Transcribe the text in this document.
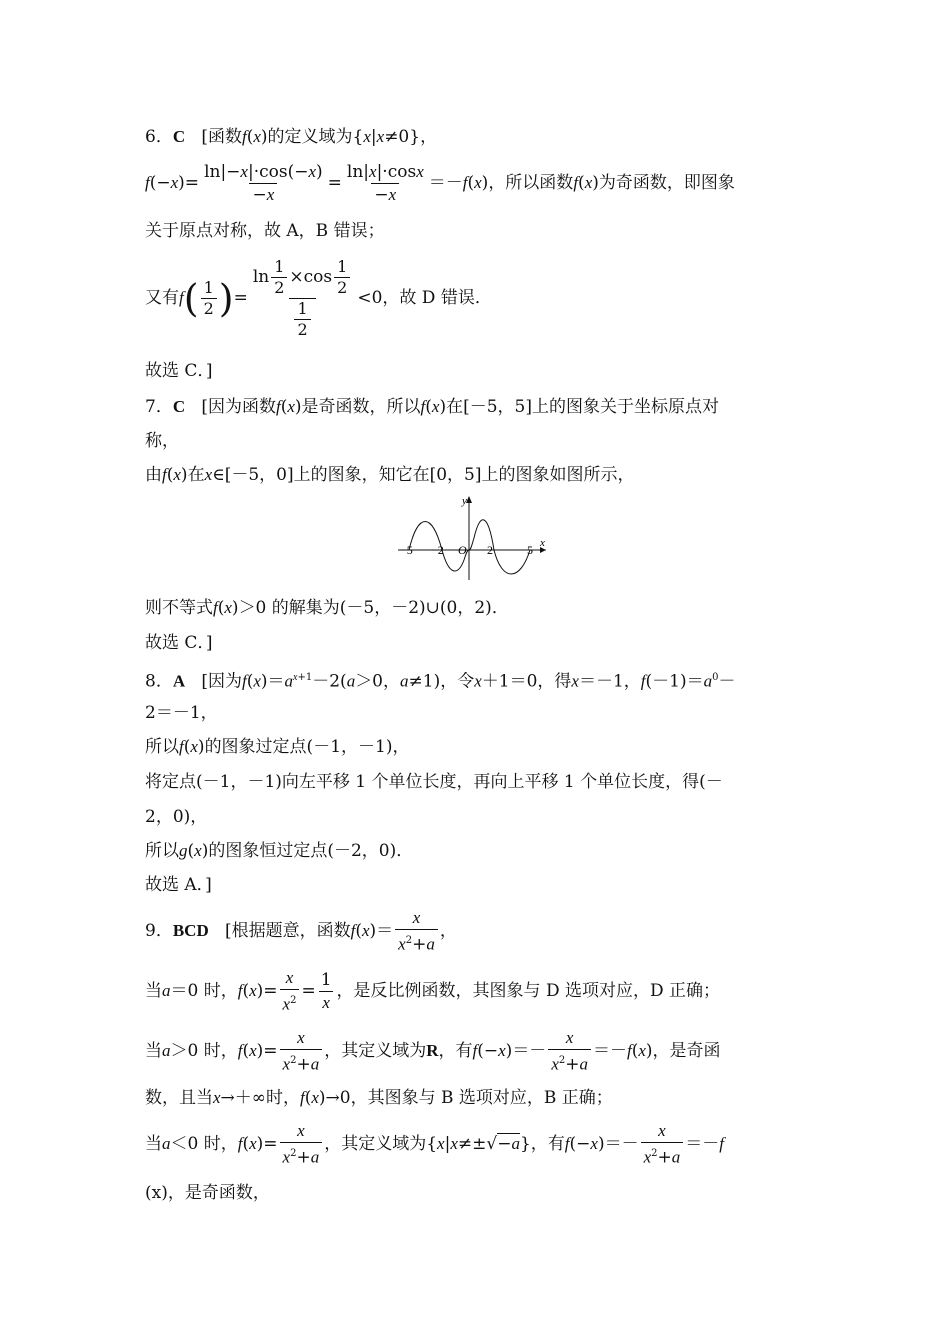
6．C [函数f(x)的定义域为{x|x≠0}，
$f(-x)= \frac{\ln|-x|\cdot\cos(-x)}{-x} = \frac{\ln|x|\cdot\cos x}{-x} =-f(x)$，所以函数f(x)为奇函数，即图象
关于原点对称，故 A，B 错误；
又有$f( \frac{1}{2}$ )= $\frac{\ln \frac{1}{2} \times\cos \frac{1}{2}}{\frac{1}{2}} <0$，故 D 错误．
故选 C．]
7．C [因为函数f(x)是奇函数，所以f(x)在[－5，5]上的图象关于坐标原点对
称，
由f(x)在x∈[－5，0]上的图象，知它在[0，5]上的图象如图所示，
y
x
O
−5 −2	2	5
则不等式f(x)＞0 的解集为(－5，－2)∪(0，2)．
故选 C．]
8．A [因为$f(x)=a^{x+1}-2(a>0$，a≠1)，令x＋1＝0，得x＝－1，$f(-1)=a^0-$
2＝－1，
所以f(x)的图象过定点(－1，－1)，
将定点(－1，－1)向左平移 1 个单位长度，再向上平移 1 个单位长度，得(－
2，0)，
所以g(x)的图象恒过定点(－2，0)．
故选 A．]
9．BCD [根据题意，函数$f(x)= \frac{x}{x^2+a}$ ，
当a＝0 时，$f(x)= \frac{x}{x^2} = \frac{1}{x}$ ，是反比例函数，其图象与 D 选项对应，D 正确；
当a＞0 时，$f(x)= \frac{x}{x^2+a}$ ，其定义域为R，有$f(-x)=- \frac{x}{x^2+a} =-f(x)$，是奇函
数，且当x→＋∞时，f(x)→0，其图象与 B 选项对应，B 正确；
当a＜0 时，$f(x)= \frac{x}{x^2+a}$ ，其定义域为{x|x≠±√−a}，有$f(-x)=- \frac{x}{x^2+a} =-f$
(x)，是奇函数，
